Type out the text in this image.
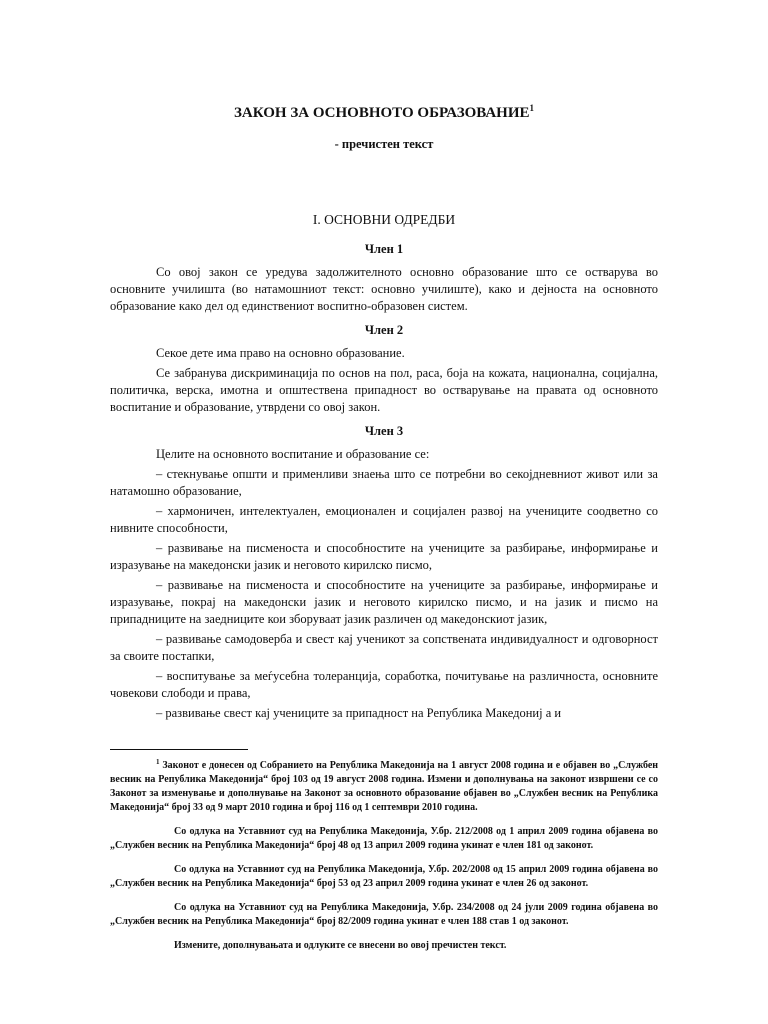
ЗАКОН ЗА ОСНОВНОТО ОБРАЗОВАНИЕ$^1$
- пречистен текст
I. ОСНОВНИ ОДРЕДБИ
Член 1

Со овој закон се уредува задолжителното основно образование што се остварува во основните училишта (во натамошниот текст: основно училиште), како и дејноста на основното образование како дел од единствениот воспитно-образовен систем.

Член 2

Секое дете има право на основно образование.

Се забранува дискриминација по основ на пол, раса, боја на кожата, национална, социјална, политичка, верска, имотна и општествена припадност во остварување на правата од основното воспитание и образование, утврдени со овој закон.

Член 3

Целите на основното воспитание и образование се:

– стекнување општи и применливи знаења што се потребни во секојдневниот живот или за натамошно образование,

– хармоничен, интелектуален, емоционален и социјален развој на учениците соодветно со нивните способности,

– развивање на писменоста и способностите на учениците за разбирање, информирање и изразување на македонски јазик и неговото кирилско писмо,

– развивање на писменоста и способностите на учениците за разбирање, информирање и изразување, покрај на македонски јазик и неговото кирилско писмо, и на јазик и писмо на припадниците на заедниците кои зборуваат јазик различен од македонскиот јазик,

– развивање самодоверба и свест кај ученикот за сопствената индивидуалност и одговорност за своите постапки,

– воспитување за меѓусебна толеранција, соработка, почитување на различноста, основните човекови слободи и права,

– развивање свест кај учениците за припадност на Република Македониј а и

$^1$ Законот е донесен од Собранието на Република Македонија на 1 август 2008 година и е објавен во „Службен весник на Република Македонија“ број 103 од 19 август 2008 година. Измени и дополнувања на законот извршени се со Законот за изменување и дополнување на Законот за основното образование објавен во „Службен весник на Република Македонија“ број 33 од 9 март 2010 година и број 116 од 1 септември 2010 година.

Со одлука на Уставниот суд на Република Македонија, У.бр. 212/2008 од 1 април 2009 година објавена во „Службен весник на Република Македонија“ број 48 од 13 април 2009 година укинат е член 181 од законот.

Со одлука на Уставниот суд на Република Македонија, У.бр. 202/2008 од 15 април 2009 година објавена во „Службен весник на Република Македонија“ број 53 од 23 април 2009 година укинат е член 26 од законот.

Со одлука на Уставниот суд на Република Македонија, У.бр. 234/2008 од 24 јули 2009 година објавена во „Службен весник на Република Македонија“ број 82/2009 година укинат е член 188 став 1 од законот.

Измените, дополнувањата и одлуките се внесени во овој пречистен текст.
